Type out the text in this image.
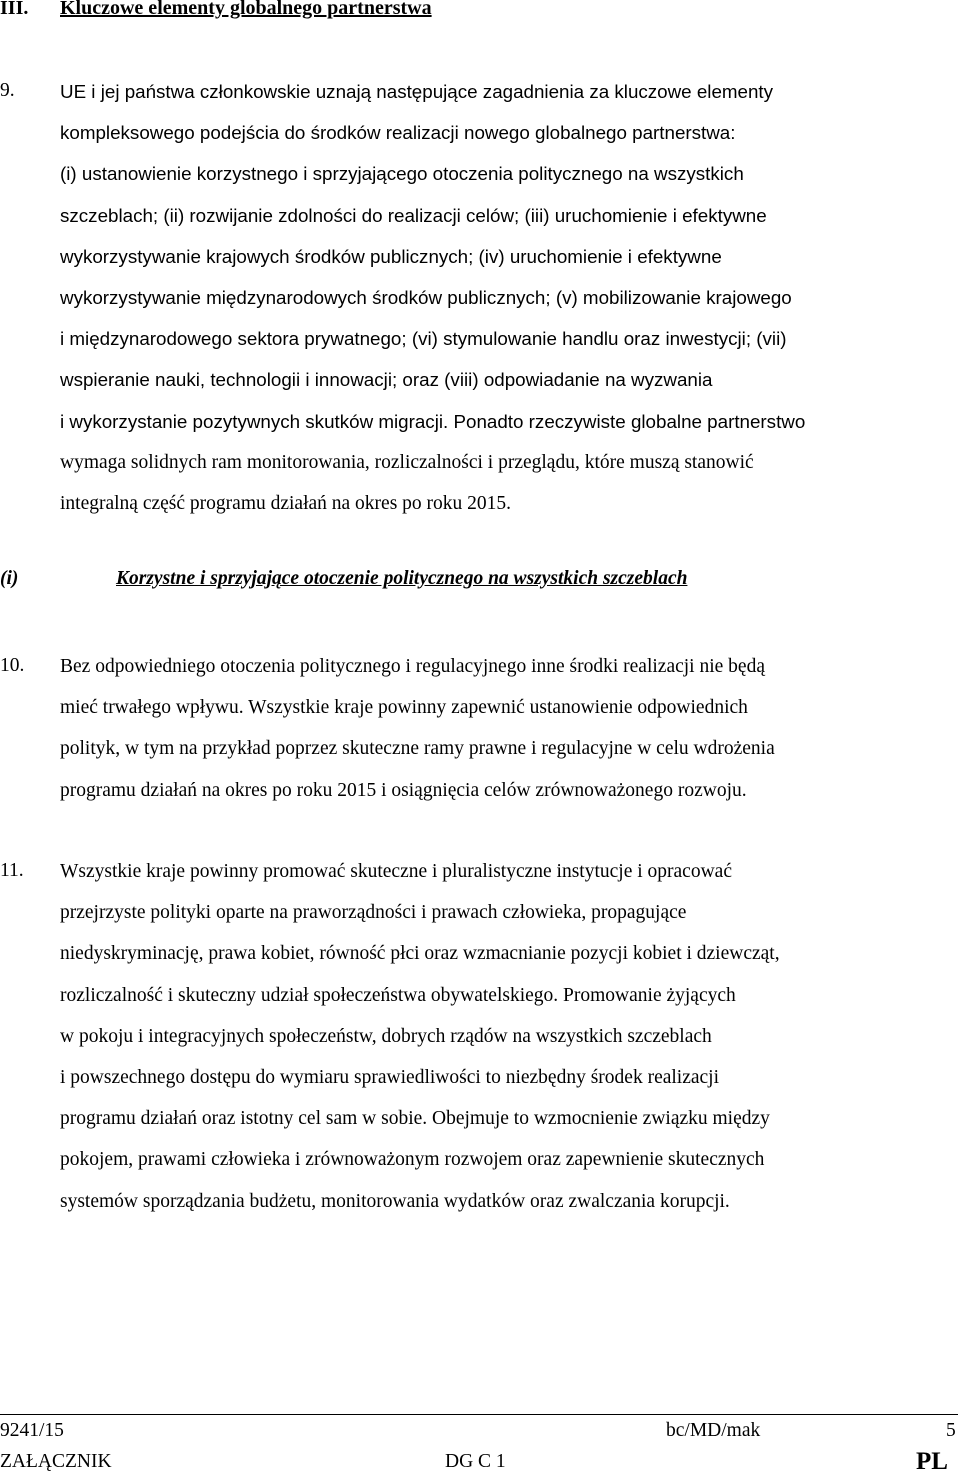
III. Kluczowe elementy globalnego partnerstwa
9. UE i jej państwa członkowskie uznają następujące zagadnienia za kluczowe elementy
kompleksowego podejścia do środków realizacji nowego globalnego partnerstwa:
(i) ustanowienie korzystnego i sprzyjającego otoczenia politycznego na wszystkich
szczeblach; (ii) rozwijanie zdolności do realizacji celów; (iii) uruchomienie i efektywne
wykorzystywanie krajowych środków publicznych; (iv) uruchomienie i efektywne
wykorzystywanie międzynarodowych środków publicznych; (v) mobilizowanie krajowego
i międzynarodowego sektora prywatnego; (vi) stymulowanie handlu oraz inwestycji; (vii)
wspieranie nauki, technologii i innowacji; oraz (viii) odpowiadanie na wyzwania
i wykorzystanie pozytywnych skutków migracji. Ponadto rzeczywiste globalne partnerstwo
wymaga solidnych ram monitorowania, rozliczalności i przeglądu, które muszą stanowić
integralną część programu działań na okres po roku 2015.
(i)	Korzystne i sprzyjające otoczenie politycznego na wszystkich szczeblach
10. Bez odpowiedniego otoczenia politycznego i regulacyjnego inne środki realizacji nie będą
mieć trwałego wpływu. Wszystkie kraje powinny zapewnić ustanowienie odpowiednich
polityk, w tym na przykład poprzez skuteczne ramy prawne i regulacyjne w celu wdrożenia
programu działań na okres po roku 2015 i osiągnięcia celów zrównoważonego rozwoju.
11. Wszystkie kraje powinny promować skuteczne i pluralistyczne instytucje i opracować
przejrzyste polityki oparte na praworządności i prawach człowieka, propagujące
niedyskryminację, prawa kobiet, równość płci oraz wzmacnianie pozycji kobiet i dziewcząt,
rozliczalność i skuteczny udział społeczeństwa obywatelskiego. Promowanie żyjących
w pokoju i integracyjnych społeczeństw, dobrych rządów na wszystkich szczeblach
i powszechnego dostępu do wymiaru sprawiedliwości to niezbędny środek realizacji
programu działań oraz istotny cel sam w sobie. Obejmuje to wzmocnienie związku między
pokojem, prawami człowieka i zrównoważonym rozwojem oraz zapewnienie skutecznych
systemów sporządzania budżetu, monitorowania wydatków oraz zwalczania korupcji.
9241/15	bc/MD/mak	5
ZAŁĄCZNIK	DG C 1	PL
